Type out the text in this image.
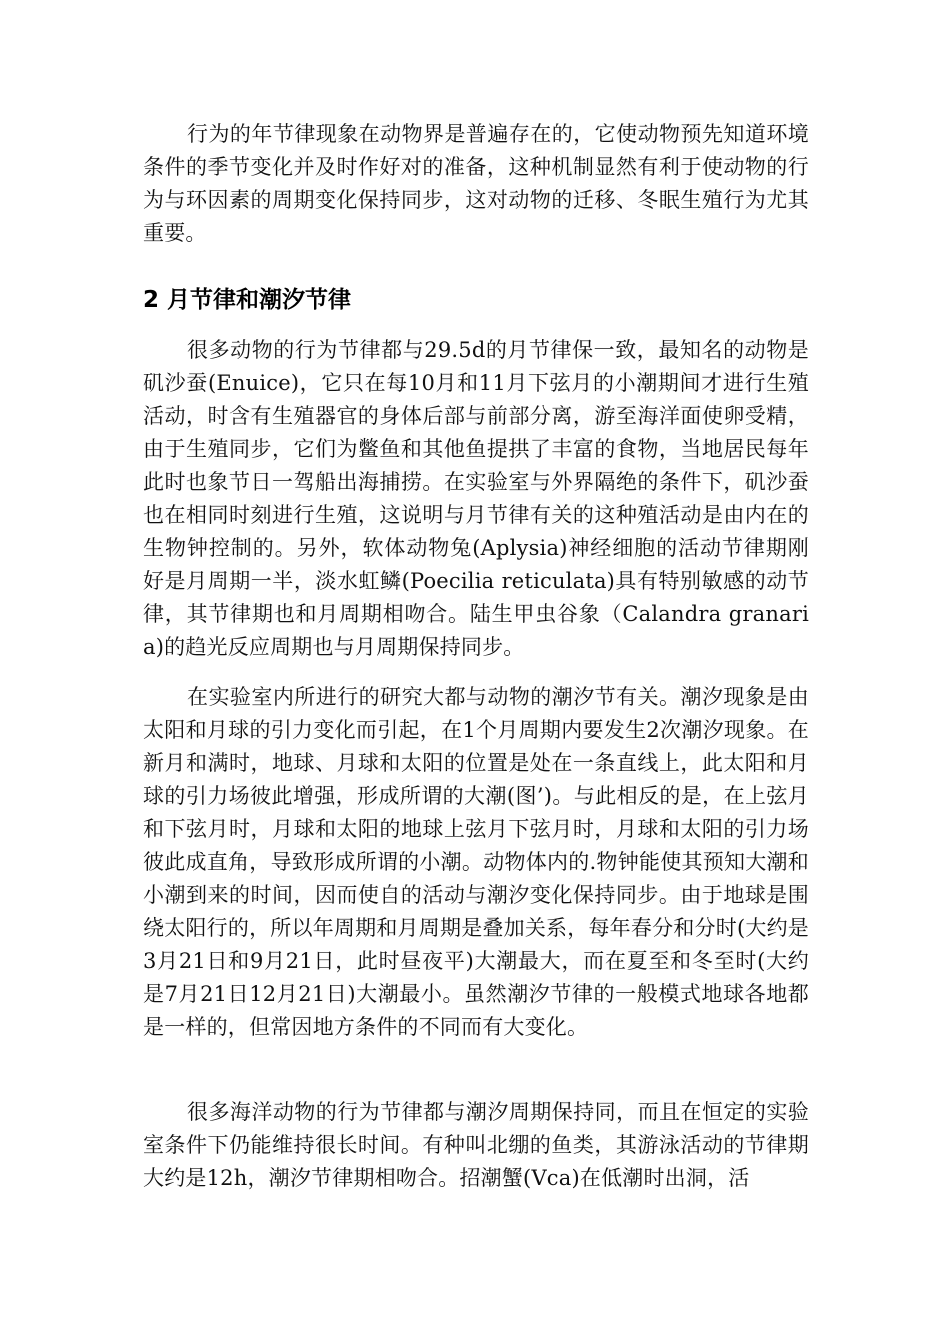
行为的年节律现象在动物界是普遍存在的，它使动物预先知道环境条件的季节变化并及时作好对的准备，这种机制显然有利于使动物的行为与环因素的周期变化保持同步，这对动物的迁移、冬眠生殖行为尤其重要。

2 月节律和潮汐节律

很多动物的行为节律都与29.5d的月节律保一致，最知名的动物是矶沙蚕(Enuice)，它只在每10月和11月下弦月的小潮期间才进行生殖活动，时含有生殖器官的身体后部与前部分离，游至海洋面使卵受精，由于生殖同步，它们为鳖鱼和其他鱼提拱了丰富的食物，当地居民每年此时也象节日一驾船出海捕捞。在实验室与外界隔绝的条件下，矶沙蚕也在相同时刻进行生殖，这说明与月节律有关的这种殖活动是由内在的生物钟控制的。另外，软体动物兔(Aplysia)神经细胞的活动节律期刚好是月周期一半，淡水虹鳞(Poecilia reticulata)具有特别敏感的动节律，其节律期也和月周期相吻合。陆生甲虫谷象（Calandra granaria)的趋光反应周期也与月周期保持同步。

在实验室内所进行的研究大都与动物的潮汐节有关。潮汐现象是由太阳和月球的引力变化而引起，在1个月周期内要发生2次潮汐现象。在新月和满时，地球、月球和太阳的位置是处在一条直线上，此太阳和月球的引力场彼此增强，形成所谓的大潮(图’)。与此相反的是，在上弦月和下弦月时，月球和太阳的地球上弦月下弦月时，月球和太阳的引力场彼此成直角，导致形成所谓的小潮。动物体内的.物钟能使其预知大潮和小潮到来的时间，因而使自的活动与潮汐变化保持同步。由于地球是围绕太阳行的，所以年周期和月周期是叠加关系，每年春分和分时(大约是3月21日和9月21日，此时昼夜平)大潮最大，而在夏至和冬至时(大约是7月21日12月21日)大潮最小。虽然潮汐节律的一般模式地球各地都是一样的，但常因地方条件的不同而有大变化。

很多海洋动物的行为节律都与潮汐周期保持同，而且在恒定的实验室条件下仍能维持很长时间。有种叫北绷的鱼类，其游泳活动的节律期大约是12h，潮汐节律期相吻合。招潮蟹(Vca)在低潮时出洞，活
